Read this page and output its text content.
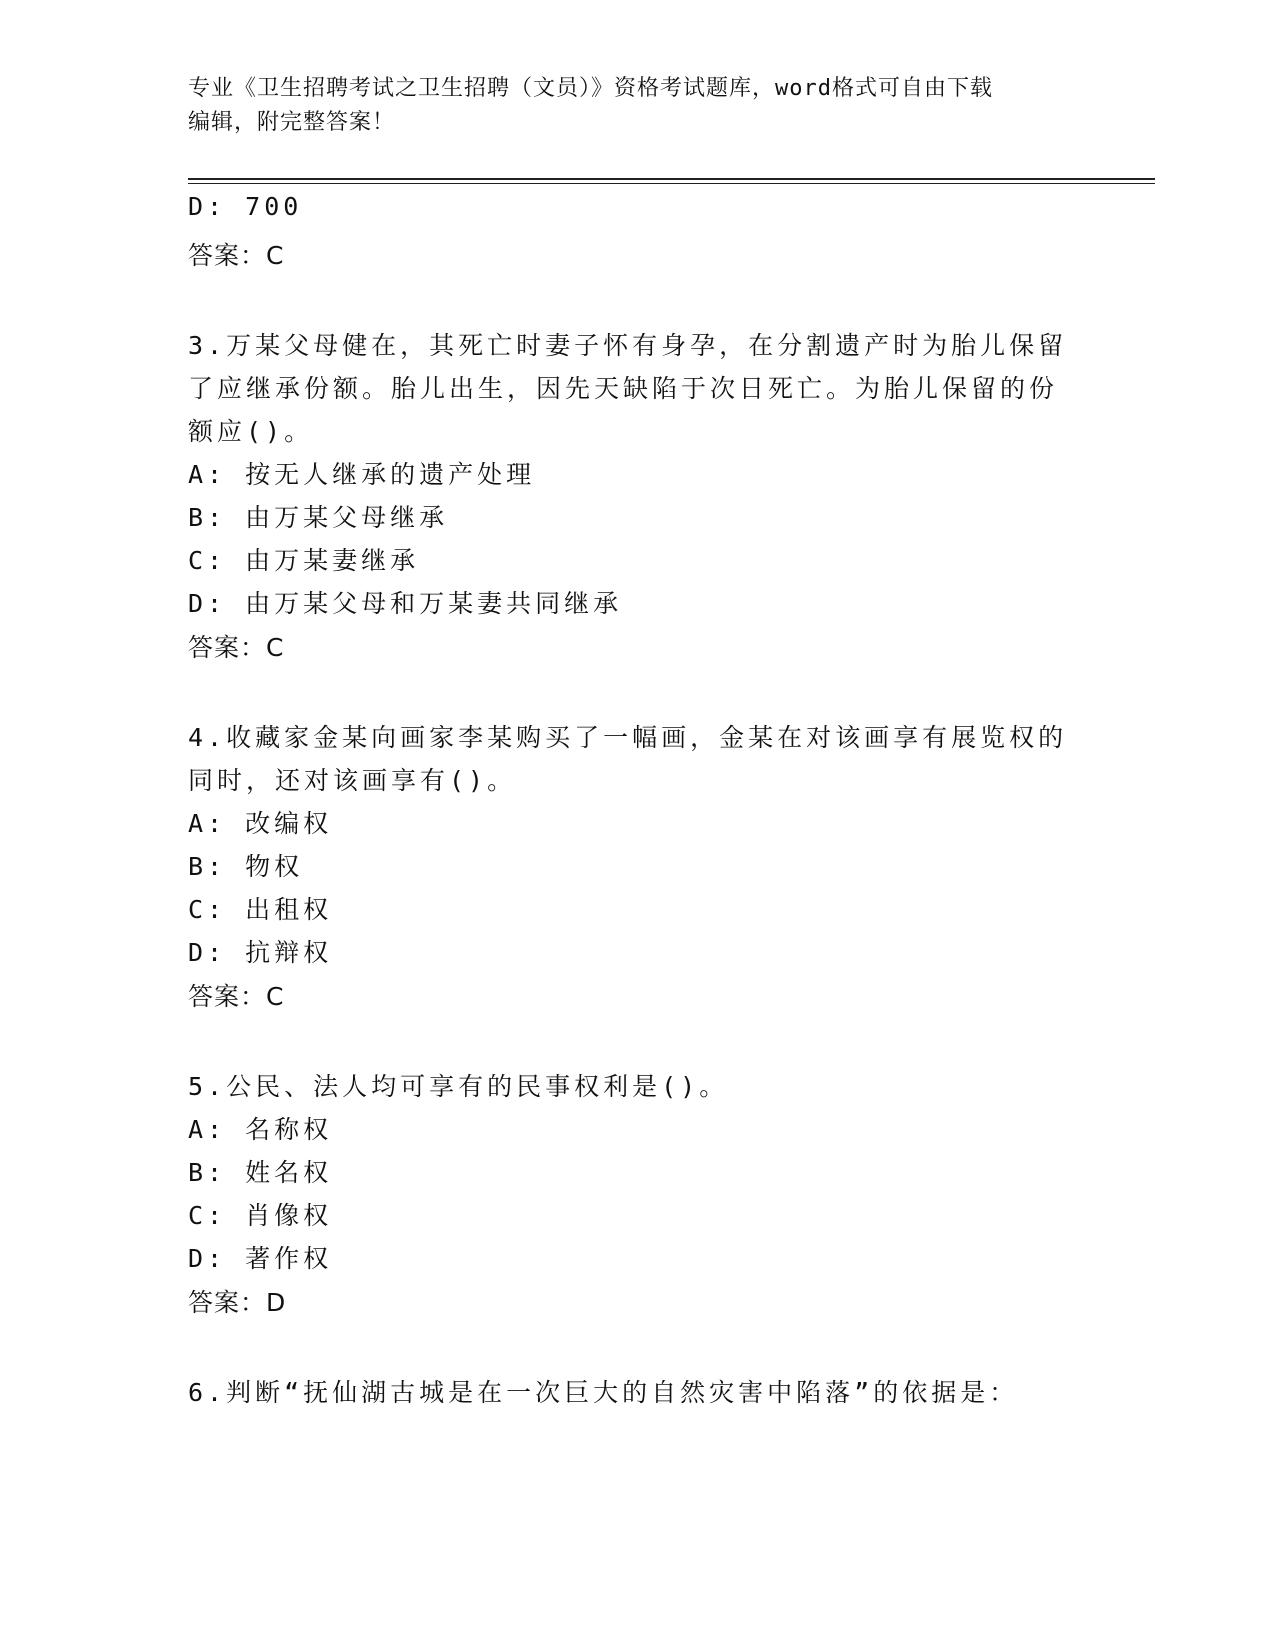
专业《卫生招聘考试之卫生招聘（文员）》资格考试题库，word格式可自由下载
编辑，附完整答案！
D: 700
答案：C
3.万某父母健在，其死亡时妻子怀有身孕，在分割遗产时为胎儿保留
了应继承份额。胎儿出生，因先天缺陷于次日死亡。为胎儿保留的份
额应()。
A: 按无人继承的遗产处理
B: 由万某父母继承
C: 由万某妻继承
D: 由万某父母和万某妻共同继承
答案：C
4.收藏家金某向画家李某购买了一幅画，金某在对该画享有展览权的
同时，还对该画享有()。
A: 改编权
B: 物权
C: 出租权
D: 抗辩权
答案：C
5.公民、法人均可享有的民事权利是()。
A: 名称权
B: 姓名权
C: 肖像权
D: 著作权
答案：D
6.判断“抚仙湖古城是在一次巨大的自然灾害中陷落”的依据是：
